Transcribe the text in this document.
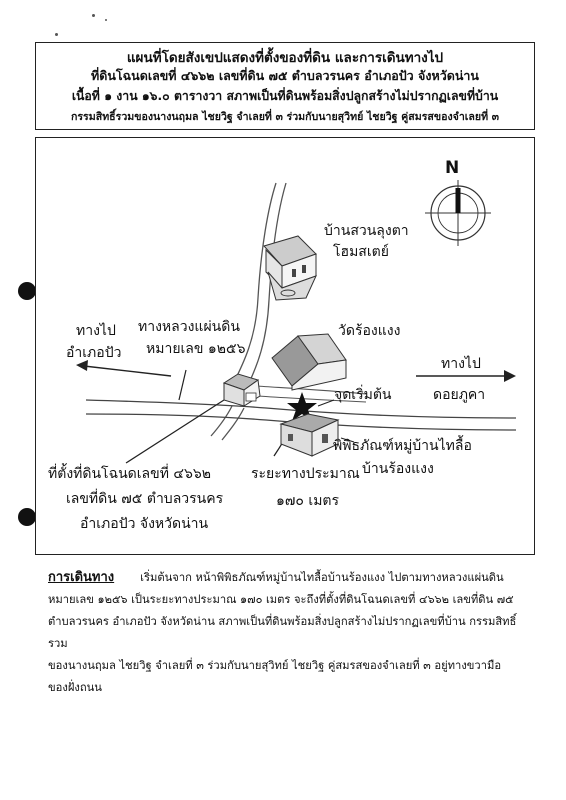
แผนที่โดยสังเขปแสดงที่ตั้งของที่ดิน และการเดินทางไป
ที่ดินโฉนดเลขที่ ๔๖๖๒ เลขที่ดิน ๗๕ ตำบลวรนคร อำเภอปัว จังหวัดน่าน
เนื้อที่ ๑ งาน ๑๖.๐ ตารางวา สภาพเป็นที่ดินพร้อมสิ่งปลูกสร้างไม่ปรากฏเลขที่บ้าน
กรรมสิทธิ์รวมของนางนฤมล ไชยวิฐ จำเลยที่ ๓ ร่วมกับนายสุวิทย์ ไชยวิฐ คู่สมรสของจำเลยที่ ๓
N
บ้านสวนลุงตา
โฮมสเตย์
วัดร้องแงง
ทางหลวงแผ่นดิน
หมายเลข ๑๒๕๖
ทางไป
อำเภอปัว
ทางไป
ดอยภูคา
จุดเริ่มต้น
พิพิธภัณฑ์หมู่บ้านไทลื้อ
บ้านร้องแงง
ที่ตั้งที่ดินโฉนดเลขที่ ๔๖๖๒
เลขที่ดิน ๗๕ ตำบลวรนคร
อำเภอปัว จังหวัดน่าน
ระยะทางประมาณ
๑๗๐ เมตร
การเดินทาง เริ่มต้นจาก หน้าพิพิธภัณฑ์หมู่บ้านไทลื้อบ้านร้องแงง ไปตามทางหลวงแผ่นดิน
หมายเลข ๑๒๕๖ เป็นระยะทางประมาณ ๑๗๐ เมตร จะถึงที่ตั้งที่ดินโฉนดเลขที่ ๔๖๖๒ เลขที่ดิน ๗๕
ตำบลวรนคร อำเภอปัว จังหวัดน่าน สภาพเป็นที่ดินพร้อมสิ่งปลูกสร้างไม่ปรากฏเลขที่บ้าน กรรมสิทธิ์รวม
ของนางนฤมล ไชยวิฐ จำเลยที่ ๓ ร่วมกับนายสุวิทย์ ไชยวิฐ คู่สมรสของจำเลยที่ ๓ อยู่ทางขวามือ
ของฝั่งถนน
